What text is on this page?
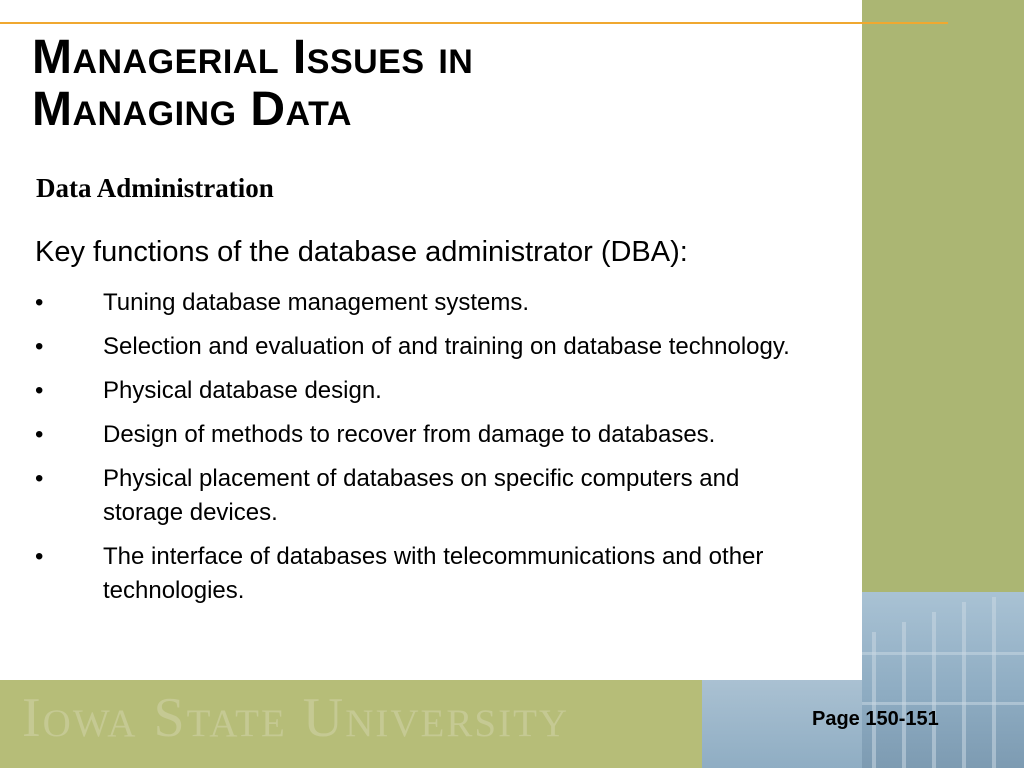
Managerial Issues in
Managing Data
Data Administration
Key functions of the database administrator (DBA):
•	Tuning database management systems.
•	Selection and evaluation of and training on database technology.
•	Physical database design.
•	Design of methods to recover from damage to databases.
•	Physical placement of databases on specific computers and storage devices.
•	The interface of databases with telecommunications and other technologies.
Iowa State University	Page 150-151
